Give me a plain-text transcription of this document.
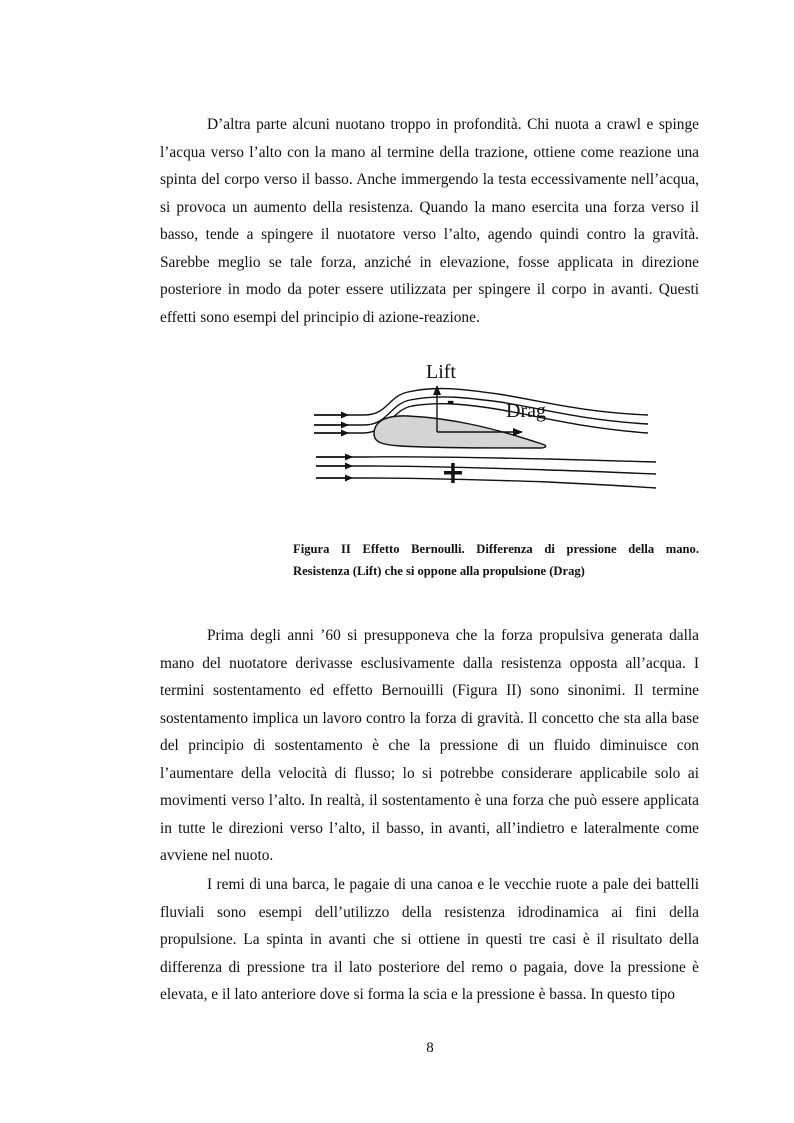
D’altra parte alcuni nuotano troppo in profondità. Chi nuota a crawl e spinge l’acqua verso l’alto con la mano al termine della trazione, ottiene come reazione una spinta del corpo verso il basso. Anche immergendo la testa eccessivamente nell’acqua, si provoca un aumento della resistenza. Quando la mano esercita una forza verso il basso, tende a spingere il nuotatore verso l’alto, agendo quindi contro la gravità. Sarebbe meglio se tale forza, anziché in elevazione, fosse applicata in direzione posteriore in modo da poter essere utilizzata per spingere il corpo in avanti. Questi effetti sono esempi del principio di azione-reazione.

Lift
Drag
-

Figura II Effetto Bernoulli. Differenza di pressione della mano.
Resistenza (Lift) che si oppone alla propulsione (Drag)

Prima degli anni ’60 si presupponeva che la forza propulsiva generata dalla mano del nuotatore derivasse esclusivamente dalla resistenza opposta all’acqua. I termini sostentamento ed effetto Bernouilli (Figura II) sono sinonimi. Il termine sostentamento implica un lavoro contro la forza di gravità. Il concetto che sta alla base del principio di sostentamento è che la pressione di un fluido diminuisce con l’aumentare della velocità di flusso; lo si potrebbe considerare applicabile solo ai movimenti verso l’alto. In realtà, il sostentamento è una forza che può essere applicata in tutte le direzioni verso l’alto, il basso, in avanti, all’indietro e lateralmente come avviene nel nuoto.

I remi di una barca, le pagaie di una canoa e le vecchie ruote a pale dei battelli fluviali sono esempi dell’utilizzo della resistenza idrodinamica ai fini della propulsione. La spinta in avanti che si ottiene in questi tre casi è il risultato della differenza di pressione tra il lato posteriore del remo o pagaia, dove la pressione è elevata, e il lato anteriore dove si forma la scia e la pressione è bassa. In questo tipo

8
